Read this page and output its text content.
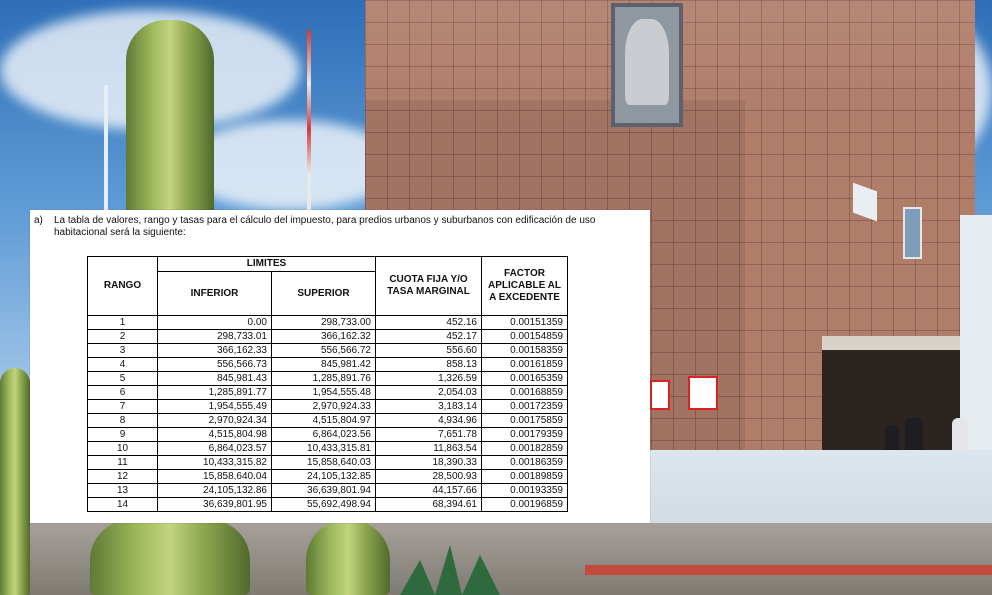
a)	La tabla de valores, rango y tasas para el cálculo del impuesto, para predios urbanos y suburbanos con edificación de uso habitacional será la siguiente:
RANGO	LIMITES		CUOTA FIJA Y/O TASA MARGINAL	FACTOR APLICABLE AL A EXCEDENTE
	INFERIOR	SUPERIOR		
1	0.00	298,733.00	452.16	0.00151359
2	298,733.01	366,162.32	452.17	0.00154859
3	366,162.33	556,566.72	556.60	0.00158359
4	556,566.73	845,981.42	858.13	0.00161859
5	845,981.43	1,285,891.76	1,326.59	0.00165359
6	1,285,891.77	1,954,555.48	2,054.03	0.00168859
7	1,954,555.49	2,970,924.33	3,183.14	0.00172359
8	2,970,924.34	4,515,804.97	4,934.96	0.00175859
9	4,515,804.98	6,864,023.56	7,651.78	0.00179359
10	6,864,023.57	10,433,315.81	11,863.54	0.00182859
11	10,433,315.82	15,858,640.03	18,390.33	0.00186359
12	15,858,640.04	24,105,132.85	28,500.93	0.00189859
13	24,105,132.86	36,639,801.94	44,157.66	0.00193359
14	36,639,801.95	55,692,498.94	68,394.61	0.00196859
